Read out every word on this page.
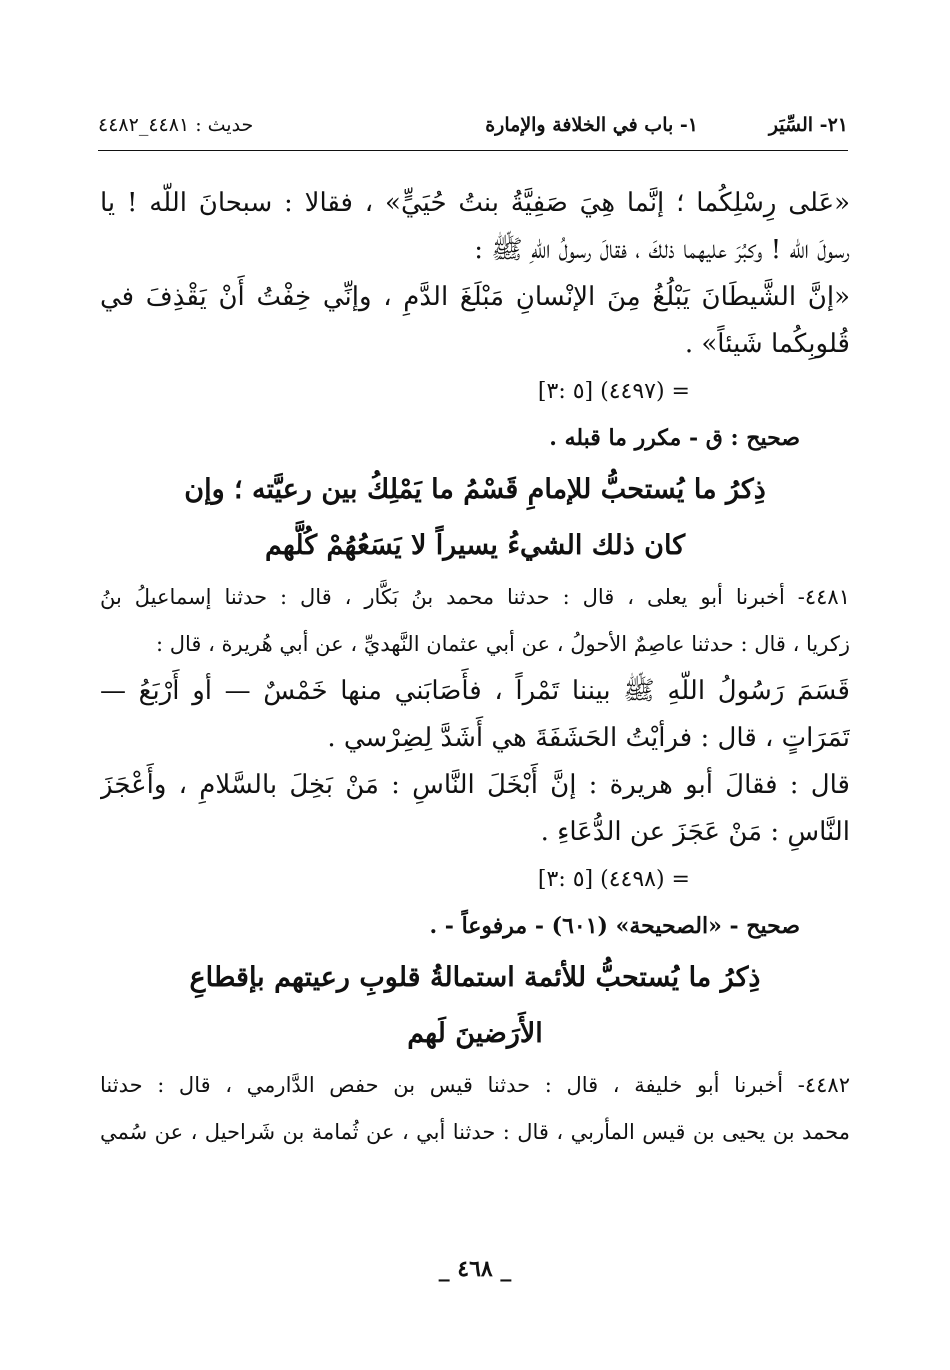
٢١- السِّيَر
١- باب في الخلافة والإمارة
حديث : ٤٤٨١_٤٤٨٢
«عَلى رِسْلِكُما ؛ إنَّما هِيَ صَفِيَّةُ بنتُ حُيَيٍّ» ، فقالا : سبحانَ اللّه ! يا
رسولَ اللّه ! وكبُرَ عليهما ذلكَ ، فقالَ رسولُ اللّهِ ﷺ :
«إنَّ الشَّيطَانَ يَبْلُغُ مِنَ الإنْسانِ مَبْلَغَ الدَّمِ ، وإنِّي خِفْتُ أَنْ يَقْذِفَ في
قُلوبِكُما شَيئاً» .
= (٤٤٩٧) [٥ :٣]
صحيح : ق - مكرر ما قبله .
ذِكرُ ما يُستحبُّ للإمامِ قَسْمُ ما يَمْلِكُ بين رعيَّته ؛ وإن
كان ذلك الشيءُ يسيراً لا يَسَعُهُمْ كُلَّهم
٤٤٨١- أخبرنا أبو يعلى ، قال : حدثنا محمد بنُ بَكَّار ، قال : حدثنا إسماعيلُ بنُ
زكريا ، قال : حدثنا عاصِمٌ الأحولُ ، عن أبي عثمان النَّهديِّ ، عن أبي هُريرة ، قال :
قَسَمَ رَسُولُ اللّهِ ﷺ بيننا تَمْراً ، فأَصَابَني منها خَمْسٌ — أو أَرْبَعُ —
تَمَرَاتٍ ، قال : فرأيْتُ الحَشَفَةَ هي أَشَدَّ لِضِرْسي .
قال : فقالَ أبو هريرة : إنَّ أَبْخَلَ النَّاسِ : مَنْ بَخِلَ بالسَّلامِ ، وأَعْجَزَ
النَّاسِ : مَنْ عَجَزَ عن الدُّعَاءِ .
= (٤٤٩٨) [٥ :٣]
صحيح - «الصحيحة» (٦٠١) - مرفوعاً - .
ذِكرُ ما يُستحبُّ للأئمة استمالةُ قلوبِ رعيتهم بإقطاعِ
الأَرَضينَ لَهم
٤٤٨٢- أخبرنا أبو خليفة ، قال : حدثنا قيس بن حفص الدَّارمي ، قال : حدثنا
محمد بن يحيى بن قيس المأربي ، قال : حدثنا أبي ، عن ثُمامة بن شَراحيل ، عن سُمي
_ ٤٦٨ _
